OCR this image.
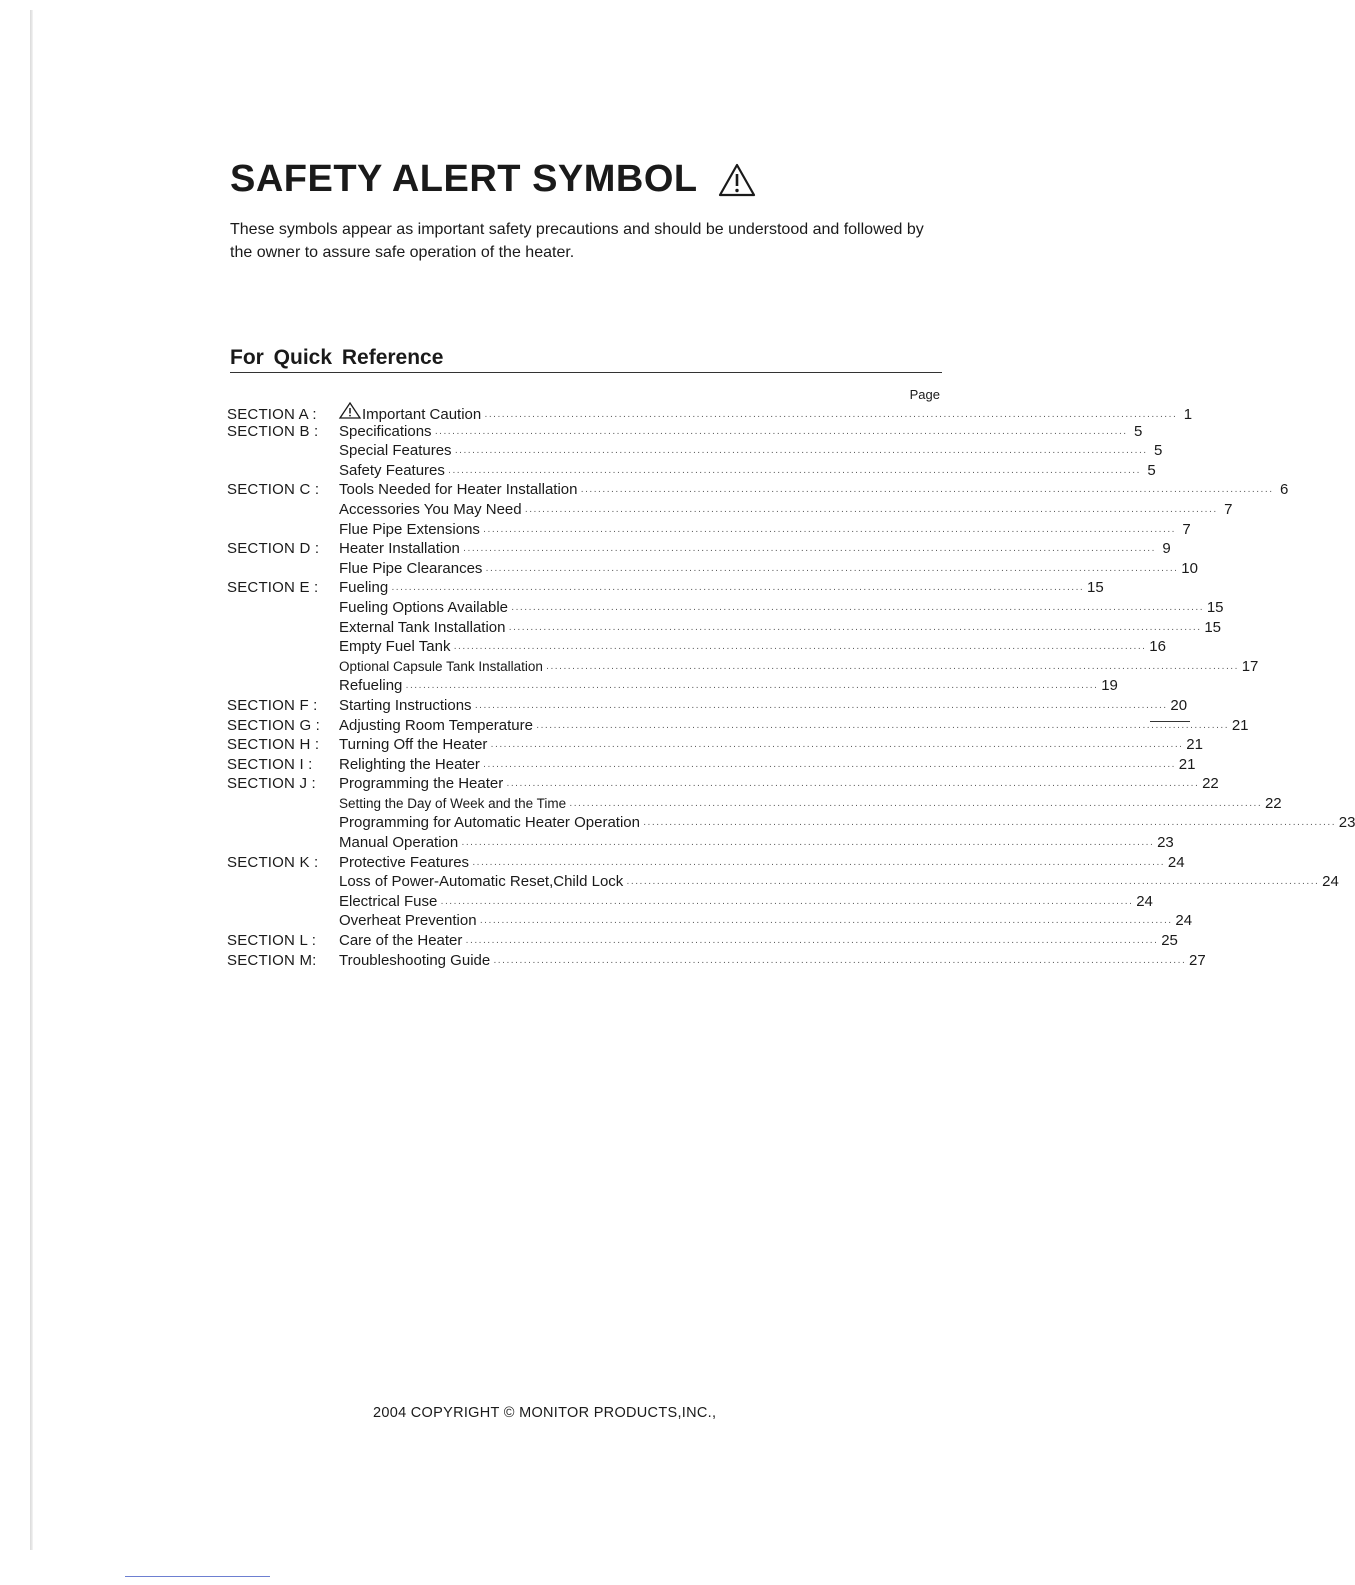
SAFETY ALERT SYMBOL

These symbols appear as important safety precautions and should be understood and followed by the owner to assure safe operation of the heater.

For Quick Reference
Page
SECTION A :	Important Caution ································································································································································ 1
SECTION B :	Specifications ································································································································································ 5
Special Features ································································································································································ 5
Safety Features ································································································································································ 5
SECTION C :	Tools Needed for Heater Installation ································································································································································ 6
Accessories You May Need ································································································································································ 7
Flue Pipe Extensions ································································································································································ 7
SECTION D :	Heater Installation ································································································································································ 9
Flue Pipe Clearances ································································································································································ 10
SECTION E :	Fueling ································································································································································ 15
Fueling Options Available ································································································································································ 15
External Tank Installation ································································································································································ 15
Empty Fuel Tank ································································································································································ 16
Optional Capsule Tank Installation ································································································································································ 17
Refueling ································································································································································ 19
SECTION F :	Starting Instructions ································································································································································ 20
SECTION G :	Adjusting Room Temperature ································································································································································ 21
SECTION H :	Turning Off the Heater ································································································································································ 21
SECTION I :	Relighting the Heater ································································································································································ 21
SECTION J :	Programming the Heater ································································································································································ 22
Setting the Day of Week and the Time ································································································································································ 22
Programming for Automatic Heater Operation ································································································································································ 23
Manual Operation ································································································································································ 23
SECTION K :	Protective Features ································································································································································ 24
Loss of Power-Automatic Reset,Child Lock ································································································································································ 24
Electrical Fuse ································································································································································ 24
Overheat Prevention ································································································································································ 24
SECTION L :	Care of the Heater ································································································································································ 25
SECTION M:	Troubleshooting Guide ································································································································································ 27
2004 COPYRIGHT © MONITOR PRODUCTS,INC.,
